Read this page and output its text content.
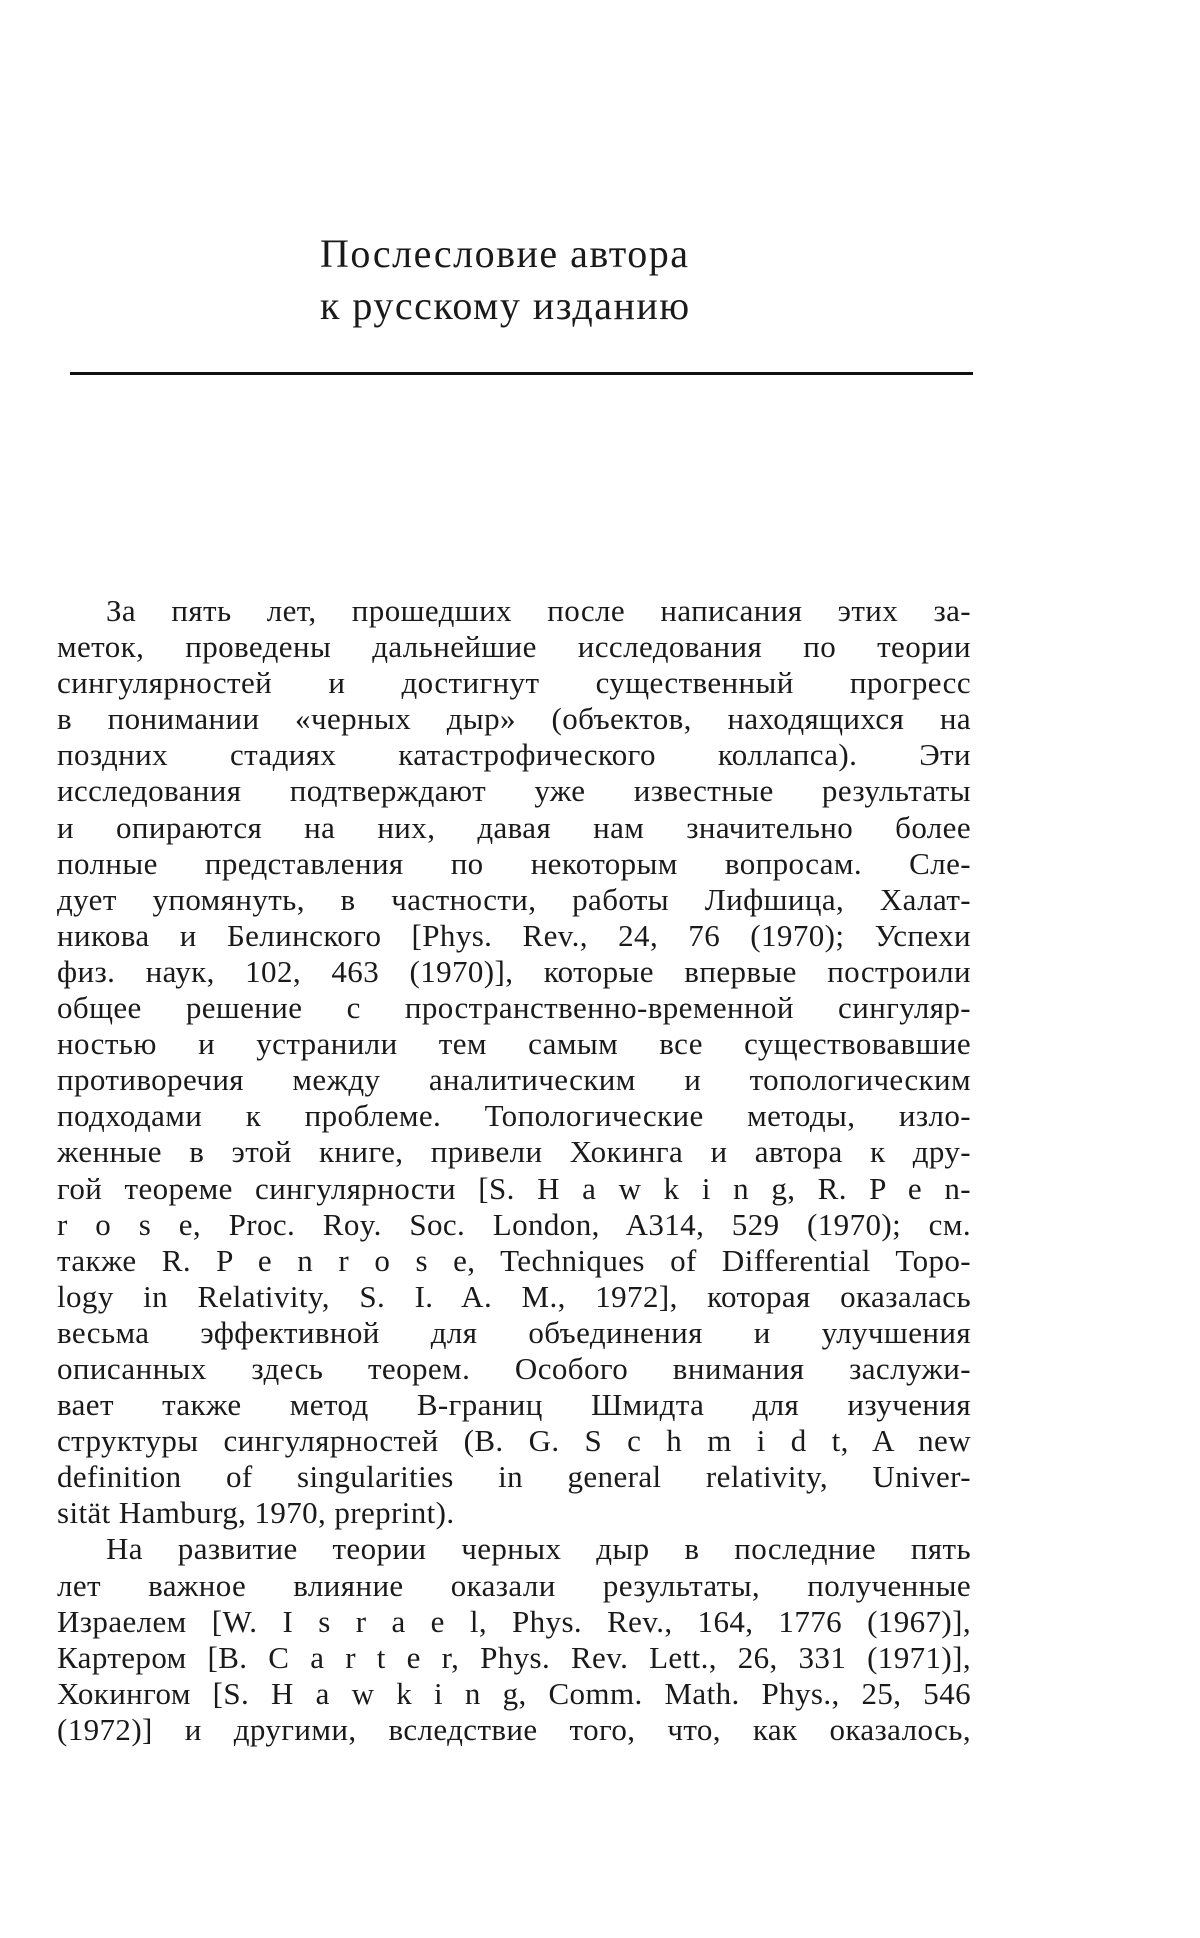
Послесловие автора
к русскому изданию
За пять лет, прошедших после написания этих за-
меток, проведены дальнейшие исследования по теории
сингулярностей и достигнут существенный прогресс
в понимании «черных дыр» (объектов, находящихся на
поздних стадиях катастрофического коллапса). Эти
исследования подтверждают уже известные результаты
и опираются на них, давая нам значительно более
полные представления по некоторым вопросам. Сле-
дует упомянуть, в частности, работы Лифшица, Халат-
никова и Белинского [Phys. Rev., 24, 76 (1970); Успехи
физ. наук, 102, 463 (1970)], которые впервые построили
общее решение с пространственно-временной сингуляр-
ностью и устранили тем самым все существовавшие
противоречия между аналитическим и топологическим
подходами к проблеме. Топологические методы, изло-
женные в этой книге, привели Хокинга и автора к дру-
гой теореме сингулярности [S. H a w k i n g, R. P e n-
r o s e, Proc. Roy. Soc. London, A314, 529 (1970); см.
также R. P e n r o s e, Techniques of Differential Topo-
logy in Relativity, S. I. A. M., 1972], которая оказалась
весьма эффективной для объединения и улучшения
описанных здесь теорем. Особого внимания заслужи-
вает также метод B-границ Шмидта для изучения
структуры сингулярностей (B. G. S c h m i d t, A new
definition of singularities in general relativity, Univer-
sität Hamburg, 1970, preprint).
На развитие теории черных дыр в последние пять
лет важное влияние оказали результаты, полученные
Израелем [W. I s r a e l, Phys. Rev., 164, 1776 (1967)],
Картером [B. C a r t e r, Phys. Rev. Lett., 26, 331 (1971)],
Хокингом [S. H a w k i n g, Comm. Math. Phys., 25, 546
(1972)] и другими, вследствие того, что, как оказалось,
